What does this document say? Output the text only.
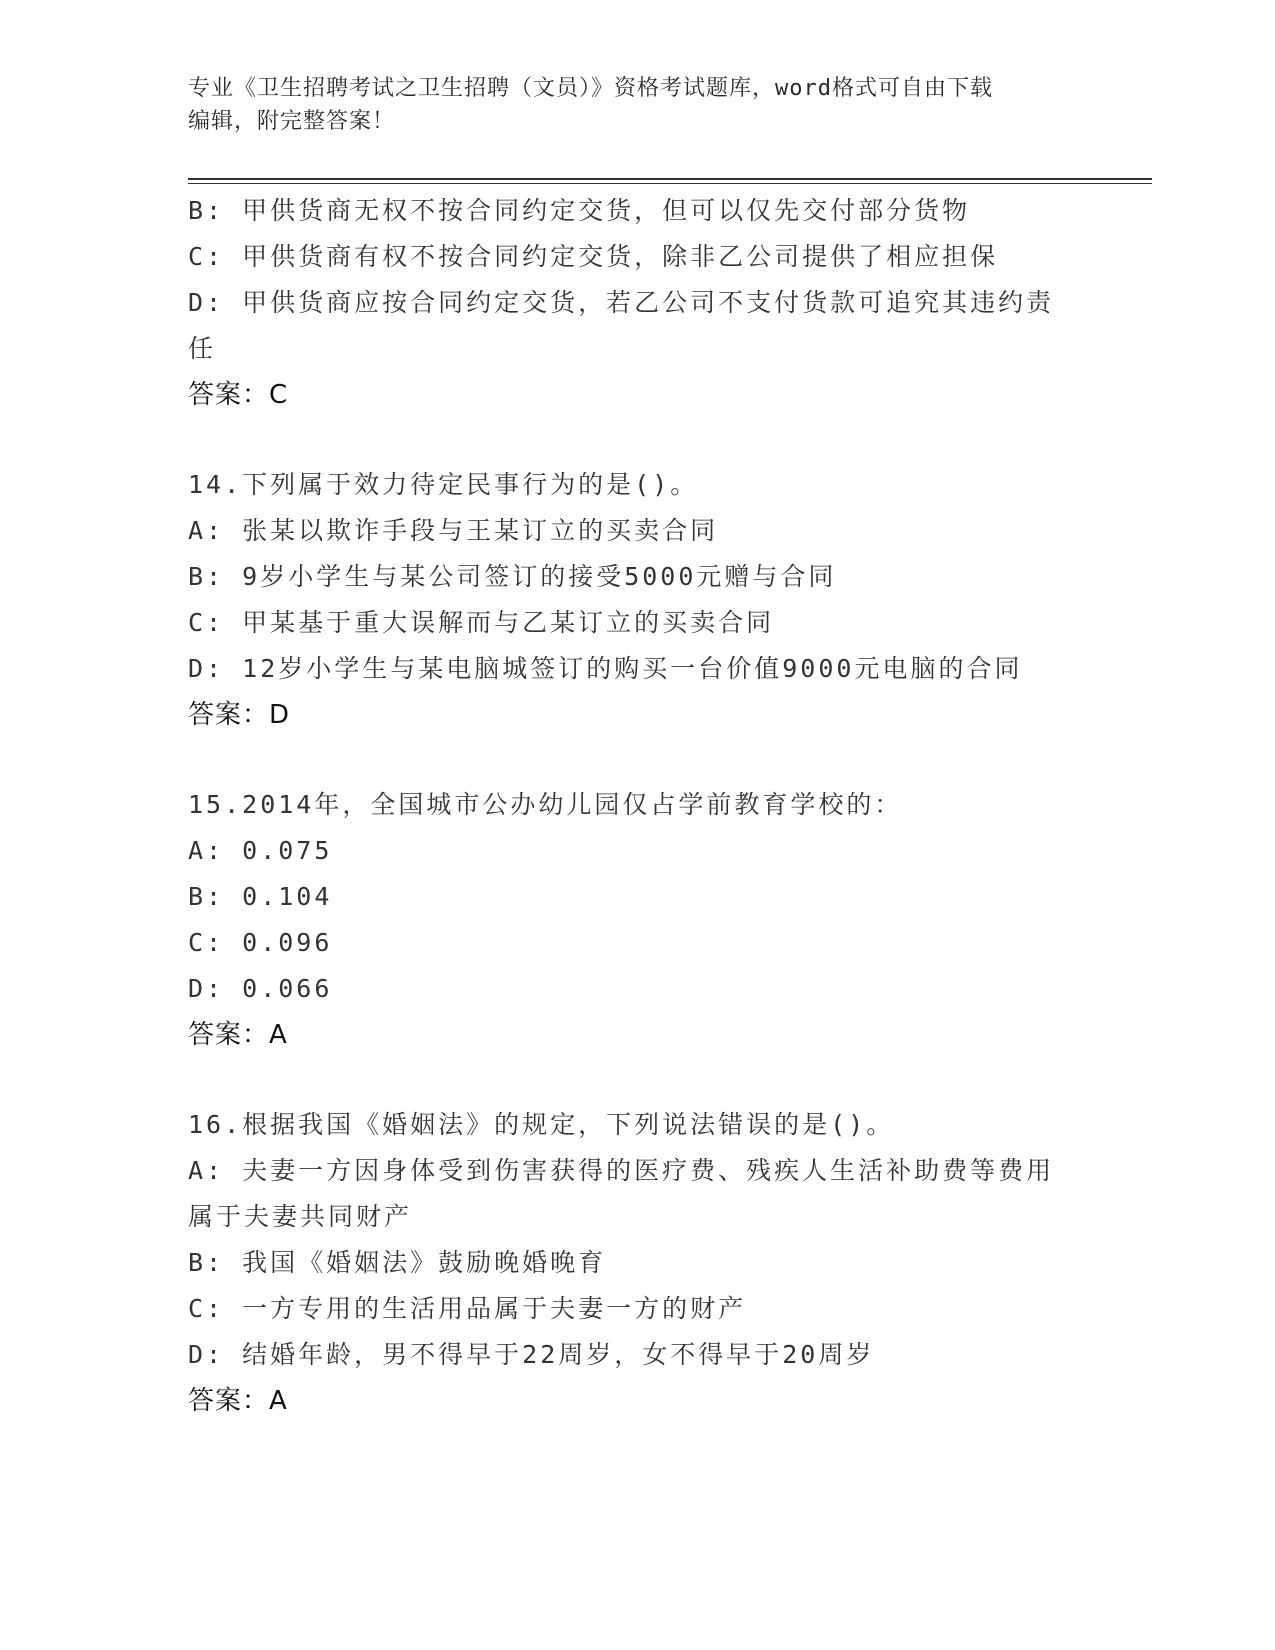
专业《卫生招聘考试之卫生招聘（文员）》资格考试题库，word格式可自由下载
编辑，附完整答案！
B: 甲供货商无权不按合同约定交货，但可以仅先交付部分货物
C: 甲供货商有权不按合同约定交货，除非乙公司提供了相应担保
D: 甲供货商应按合同约定交货，若乙公司不支付货款可追究其违约责
任
答案：C
14.下列属于效力待定民事行为的是()。
A: 张某以欺诈手段与王某订立的买卖合同
B: 9岁小学生与某公司签订的接受5000元赠与合同
C: 甲某基于重大误解而与乙某订立的买卖合同
D: 12岁小学生与某电脑城签订的购买一台价值9000元电脑的合同
答案：D
15.2014年，全国城市公办幼儿园仅占学前教育学校的：
A: 0.075
B: 0.104
C: 0.096
D: 0.066
答案：A
16.根据我国《婚姻法》的规定，下列说法错误的是()。
A: 夫妻一方因身体受到伤害获得的医疗费、残疾人生活补助费等费用
属于夫妻共同财产
B: 我国《婚姻法》鼓励晚婚晚育
C: 一方专用的生活用品属于夫妻一方的财产
D: 结婚年龄，男不得早于22周岁，女不得早于20周岁
答案：A
